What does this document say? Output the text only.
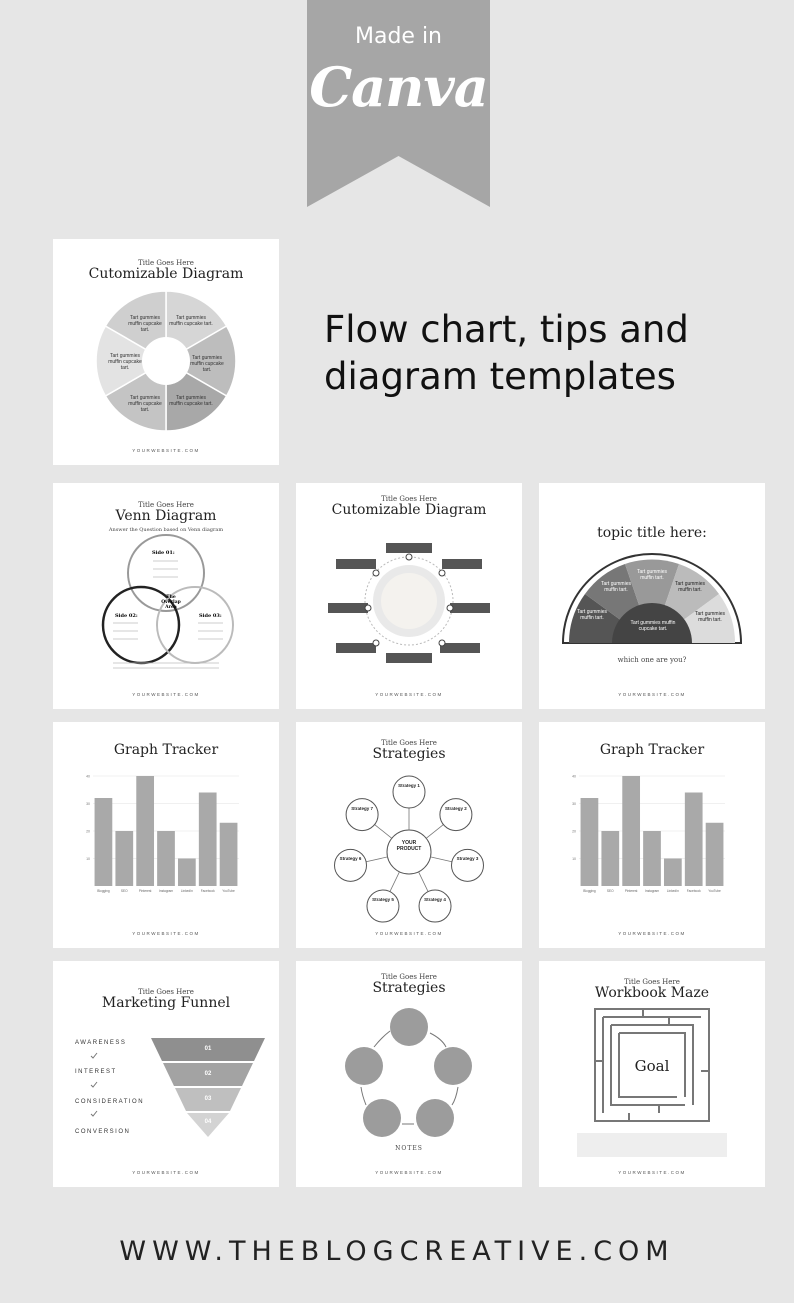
Made in
Canva
Flow chart, tips and diagram templates
Title Goes Here
Cutomizable Diagram
Tart gummies muffin cupcake tart.
Tart gummies muffin cupcake tart.
Tart gummies muffin cupcake tart.
Tart gummies muffin cupcake tart.
Tart gummies muffin cupcake tart.
Tart gummies muffin cupcake tart.
YOURWEBSITE.COM
Title Goes Here
Venn Diagram
Answer the Question based on Venn diagram
Side 01:
Side 02:	Side 03:
The Overlap Area
YOURWEBSITE.COM
Title Goes Here
Cutomizable Diagram
YOURWEBSITE.COM
topic title here:
Tart gummies muffin cupcake tart.
Tart gummies muffin tart.
Tart gummies muffin tart.
Tart gummies muffin tart.
Tart gummies muffin tart.
Tart gummies muffin tart.
which one are you?
YOURWEBSITE.COM
Graph Tracker
40
30
20
10
Blogging	SEO	Pinterest Instagram LinkedIn Facebook YouTube
YOURWEBSITE.COM
Title Goes Here
Strategies
YOUR PRODUCT
Strategy 1
Strategy 2
Strategy 3
Strategy 4
Strategy 5
Strategy 6
Strategy 7
YOURWEBSITE.COM
Graph Tracker
40
30
20
10
Blogging	SEO	Pinterest Instagram LinkedIn Facebook YouTube
YOURWEBSITE.COM
Title Goes Here
Marketing Funnel
01
02
03
04
AWARENESS
INTEREST
CONSIDERATION
CONVERSION
YOURWEBSITE.COM
Title Goes Here
Strategies
NOTES
YOURWEBSITE.COM
Title Goes Here
Workbook Maze
Goal
YOURWEBSITE.COM
WWW.THEBLOGCREATIVE.COM
